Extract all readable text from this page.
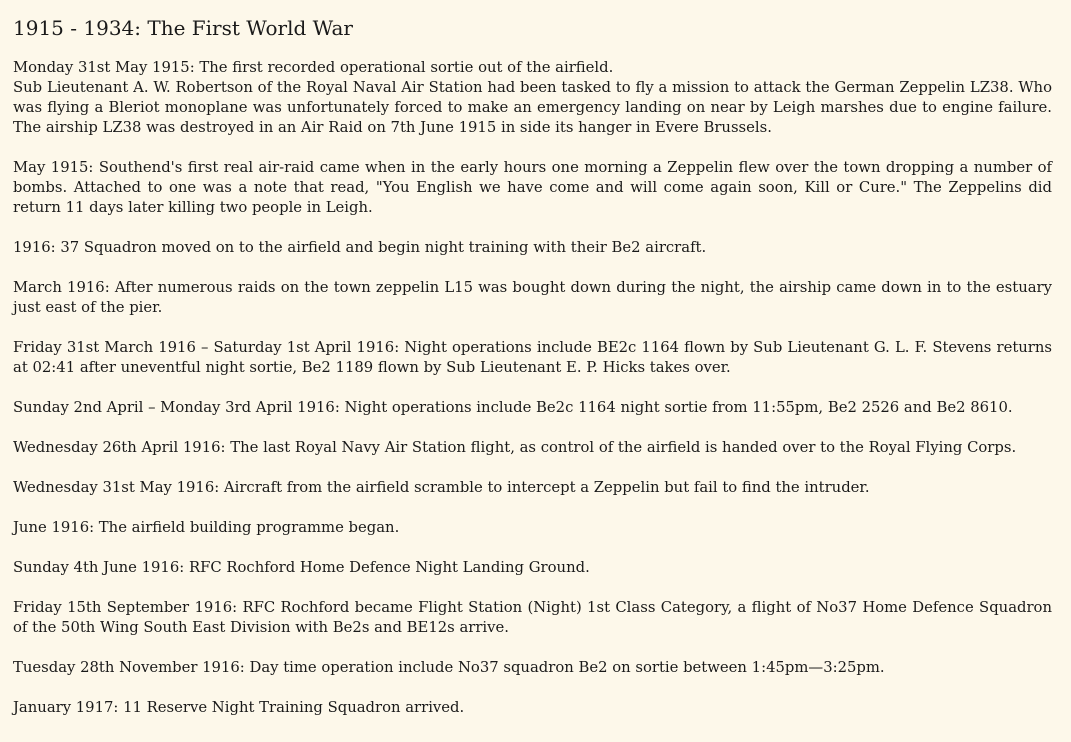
1915 - 1934: The First World War

Monday 31st May 1915: The first recorded operational sortie out of the airfield.
Sub Lieutenant A. W. Robertson of the Royal Naval Air Station had been tasked to fly a mission to attack the German Zeppelin LZ38. Who was flying a Bleriot monoplane was unfortunately forced to make an emergency landing on near by Leigh marshes due to engine failure. The airship LZ38 was destroyed in an Air Raid on 7th June 1915 in side its hanger in Evere Brussels.

May 1915: Southend's first real air-raid came when in the early hours one morning a Zeppelin flew over the town dropping a number of bombs. Attached to one was a note that read, "You English we have come and will come again soon, Kill or Cure." The Zeppelins did return 11 days later killing two people in Leigh.

1916: 37 Squadron moved on to the airfield and begin night training with their Be2 aircraft.

March 1916: After numerous raids on the town zeppelin L15 was bought down during the night, the airship came down in to the estuary just east of the pier.

Friday 31st March 1916 – Saturday 1st April 1916: Night operations include BE2c 1164 flown by Sub Lieutenant G. L. F. Stevens returns at 02:41 after uneventful night sortie, Be2 1189 flown by Sub Lieutenant E. P. Hicks takes over.

Sunday 2nd April – Monday 3rd April 1916: Night operations include Be2c 1164 night sortie from 11:55pm, Be2 2526 and Be2 8610.

Wednesday 26th April 1916: The last Royal Navy Air Station flight, as control of the airfield is handed over to the Royal Flying Corps.

Wednesday 31st May 1916: Aircraft from the airfield scramble to intercept a Zeppelin but fail to find the intruder.

June 1916: The airfield building programme began.

Sunday 4th June 1916: RFC Rochford Home Defence Night Landing Ground.

Friday 15th September 1916: RFC Rochford became Flight Station (Night) 1st Class Category, a flight of No37 Home Defence Squadron of the 50th Wing South East Division with Be2s and BE12s arrive.

Tuesday 28th November 1916: Day time operation include No37 squadron Be2 on sortie between 1:45pm—3:25pm.

January 1917: 11 Reserve Night Training Squadron arrived.
